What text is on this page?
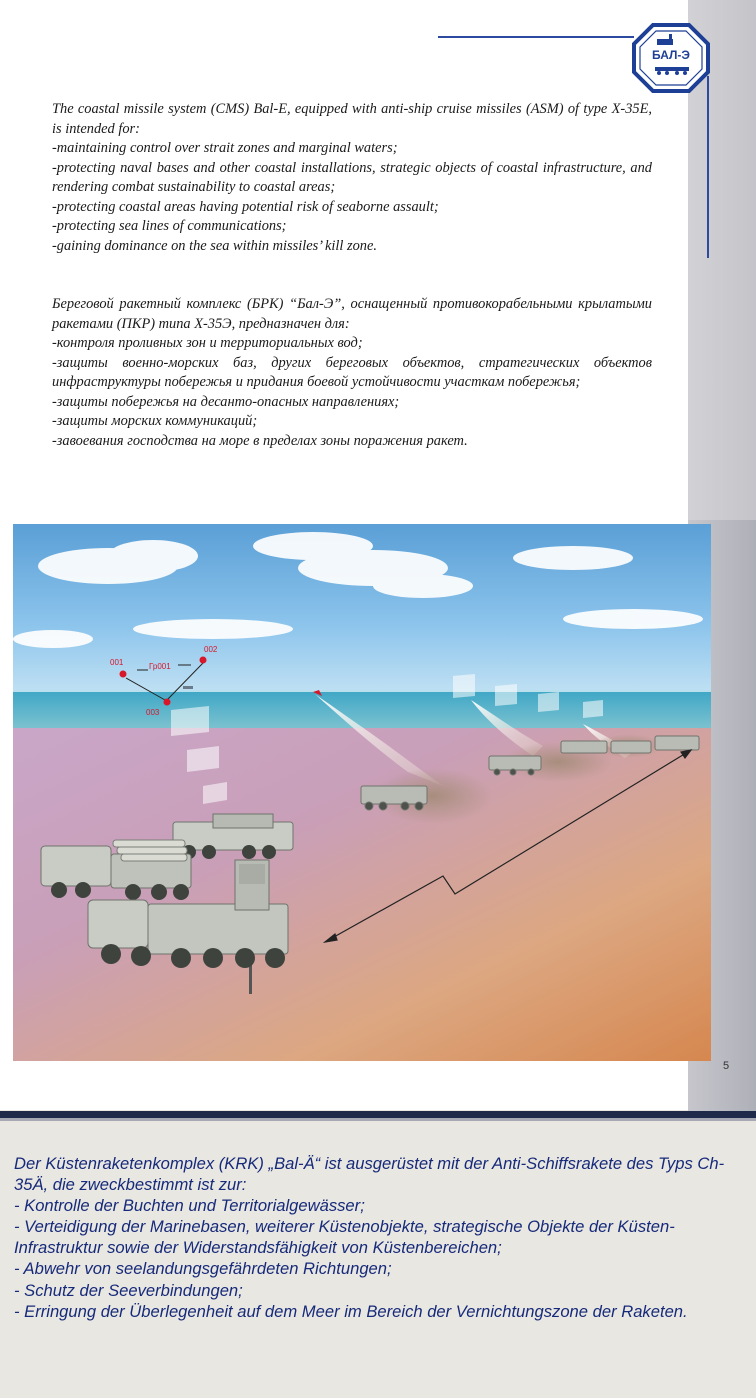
БАЛ-Э

The coastal missile system (CMS) Bal-E, equipped with anti-ship cruise missiles (ASM) of type X-35E, is intended for:

-maintaining control over strait zones and marginal waters;

-protecting naval bases and other coastal installations, strategic objects of coastal infrastructure, and rendering combat sustainability to coastal areas;

-protecting coastal areas having potential risk of seaborne assault;

-protecting sea lines of communications;

-gaining dominance on the sea within missiles’ kill zone.

Береговой ракетный комплекс (БРК) “Бал-Э”, оснащенный противокорабельными крылатыми ракетами (ПКР) типа Х-35Э, предназначен для:

-контроля проливных зон и территориальных вод;

-защиты военно-морских баз, других береговых объектов, стратегических объектов инфраструктуры побережья и придания боевой устойчивости участкам побережья;

-защиты побережья на десанто-опасных направлениях;

-защиты морских коммуникаций;

-завоевания господства на море в пределах зоны поражения ракет.

001
002
003
Гр001
5

Der Küstenraketenkomplex (KRK) „Bal-Ä“ ist ausgerüstet mit der Anti-Schiffsrakete des Typs Ch-35Ä, die zweckbestimmt ist zur:

- Kontrolle der Buchten und Territorialgewässer;

- Verteidigung der Marinebasen, weiterer Küstenobjekte, strategische Objekte der Küsten-Infrastruktur sowie der Widerstandsfähigkeit von Küstenbereichen;

- Abwehr von seelandungsgefährdeten Richtungen;

- Schutz der Seeverbindungen;

- Erringung der Überlegenheit auf dem Meer im Bereich der Vernichtungszone der Raketen.
